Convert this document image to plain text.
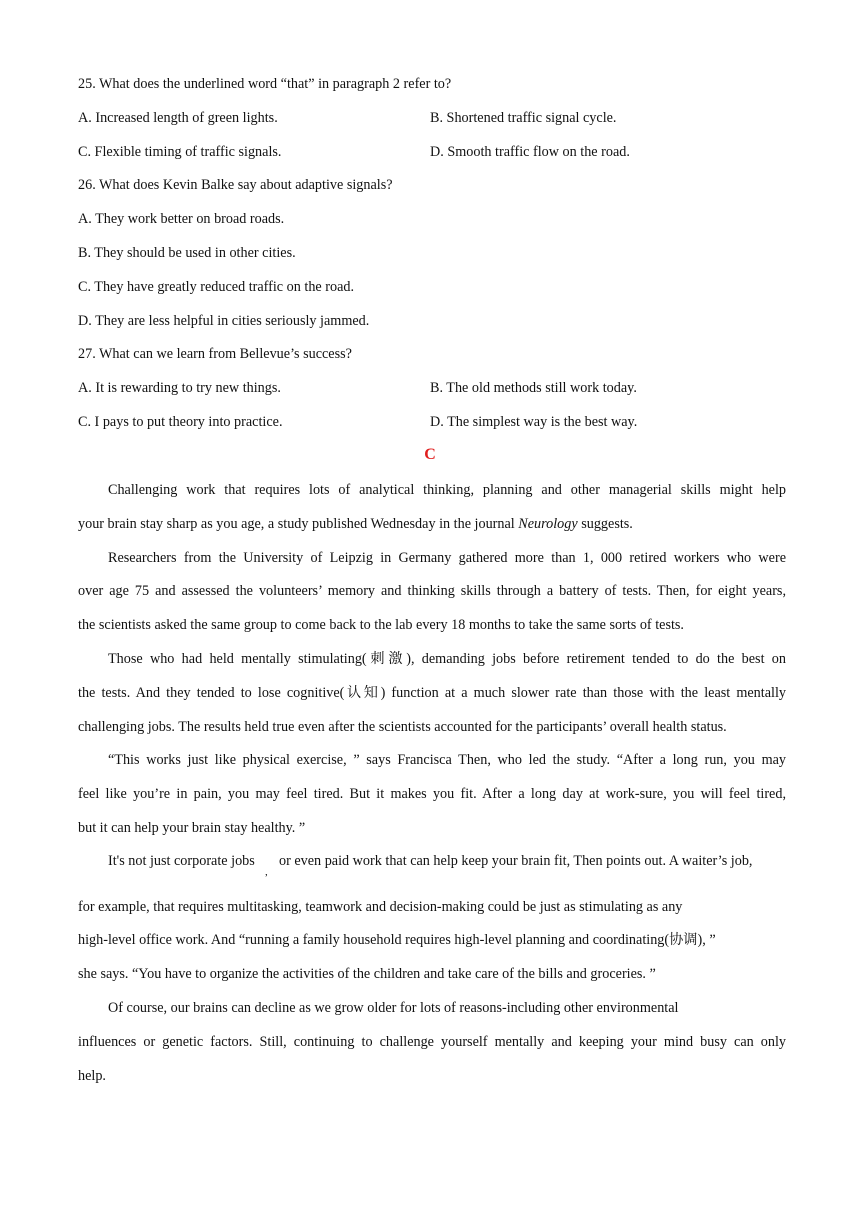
25. What does the underlined word “that” in paragraph 2 refer to?
A. Increased length of green lights.	B. Shortened traffic signal cycle.
C. Flexible timing of traffic signals.	D. Smooth traffic flow on the road.
26. What does Kevin Balke say about adaptive signals?
A. They work better on broad roads.
B. They should be used in other cities.
C. They have greatly reduced traffic on the road.
D. They are less helpful in cities seriously jammed.
27. What can we learn from Bellevue’s success?
A. It is rewarding to try new things.	B. The old methods still work today.
C. I pays to put theory into practice.	D. The simplest way is the best way.
C
Challenging work that requires lots of analytical thinking, planning and other managerial skills might help
your brain stay sharp as you age, a study published Wednesday in the journal Neurology suggests.
Researchers from the University of Leipzig in Germany gathered more than 1, 000 retired workers who were
over age 75 and assessed the volunteers’ memory and thinking skills through a battery of tests. Then, for eight years,
the scientists asked the same group to come back to the lab every 18 months to take the same sorts of tests.
Those who had held mentally stimulating(刺激), demanding jobs before retirement tended to do the best on
the tests. And they tended to lose cognitive(认知) function at a much slower rate than those with the least mentally
challenging jobs. The results held true even after the scientists accounted for the participants’ overall health status.
“This works just like physical exercise, ” says Francisca Then, who led the study. “After a long run, you may
feel like you’re in pain, you may feel tired. But it makes you fit. After a long day at work-sure, you will feel tired,
but it can help your brain stay healthy. ”
It's not just corporate jobs
,
or even paid work that can help keep your brain fit, Then points out. A waiter’s job,
for example, that requires multitasking, teamwork and decision-making could be just as stimulating as any
high-level office work. And “running a family household requires high-level planning and coordinating(协调), ”
she says. “You have to organize the activities of the children and take care of the bills and groceries. ”
Of course, our brains can decline as we grow older for lots of reasons-including other environmental
influences or genetic factors. Still, continuing to challenge yourself mentally and keeping your mind busy can only
help.
